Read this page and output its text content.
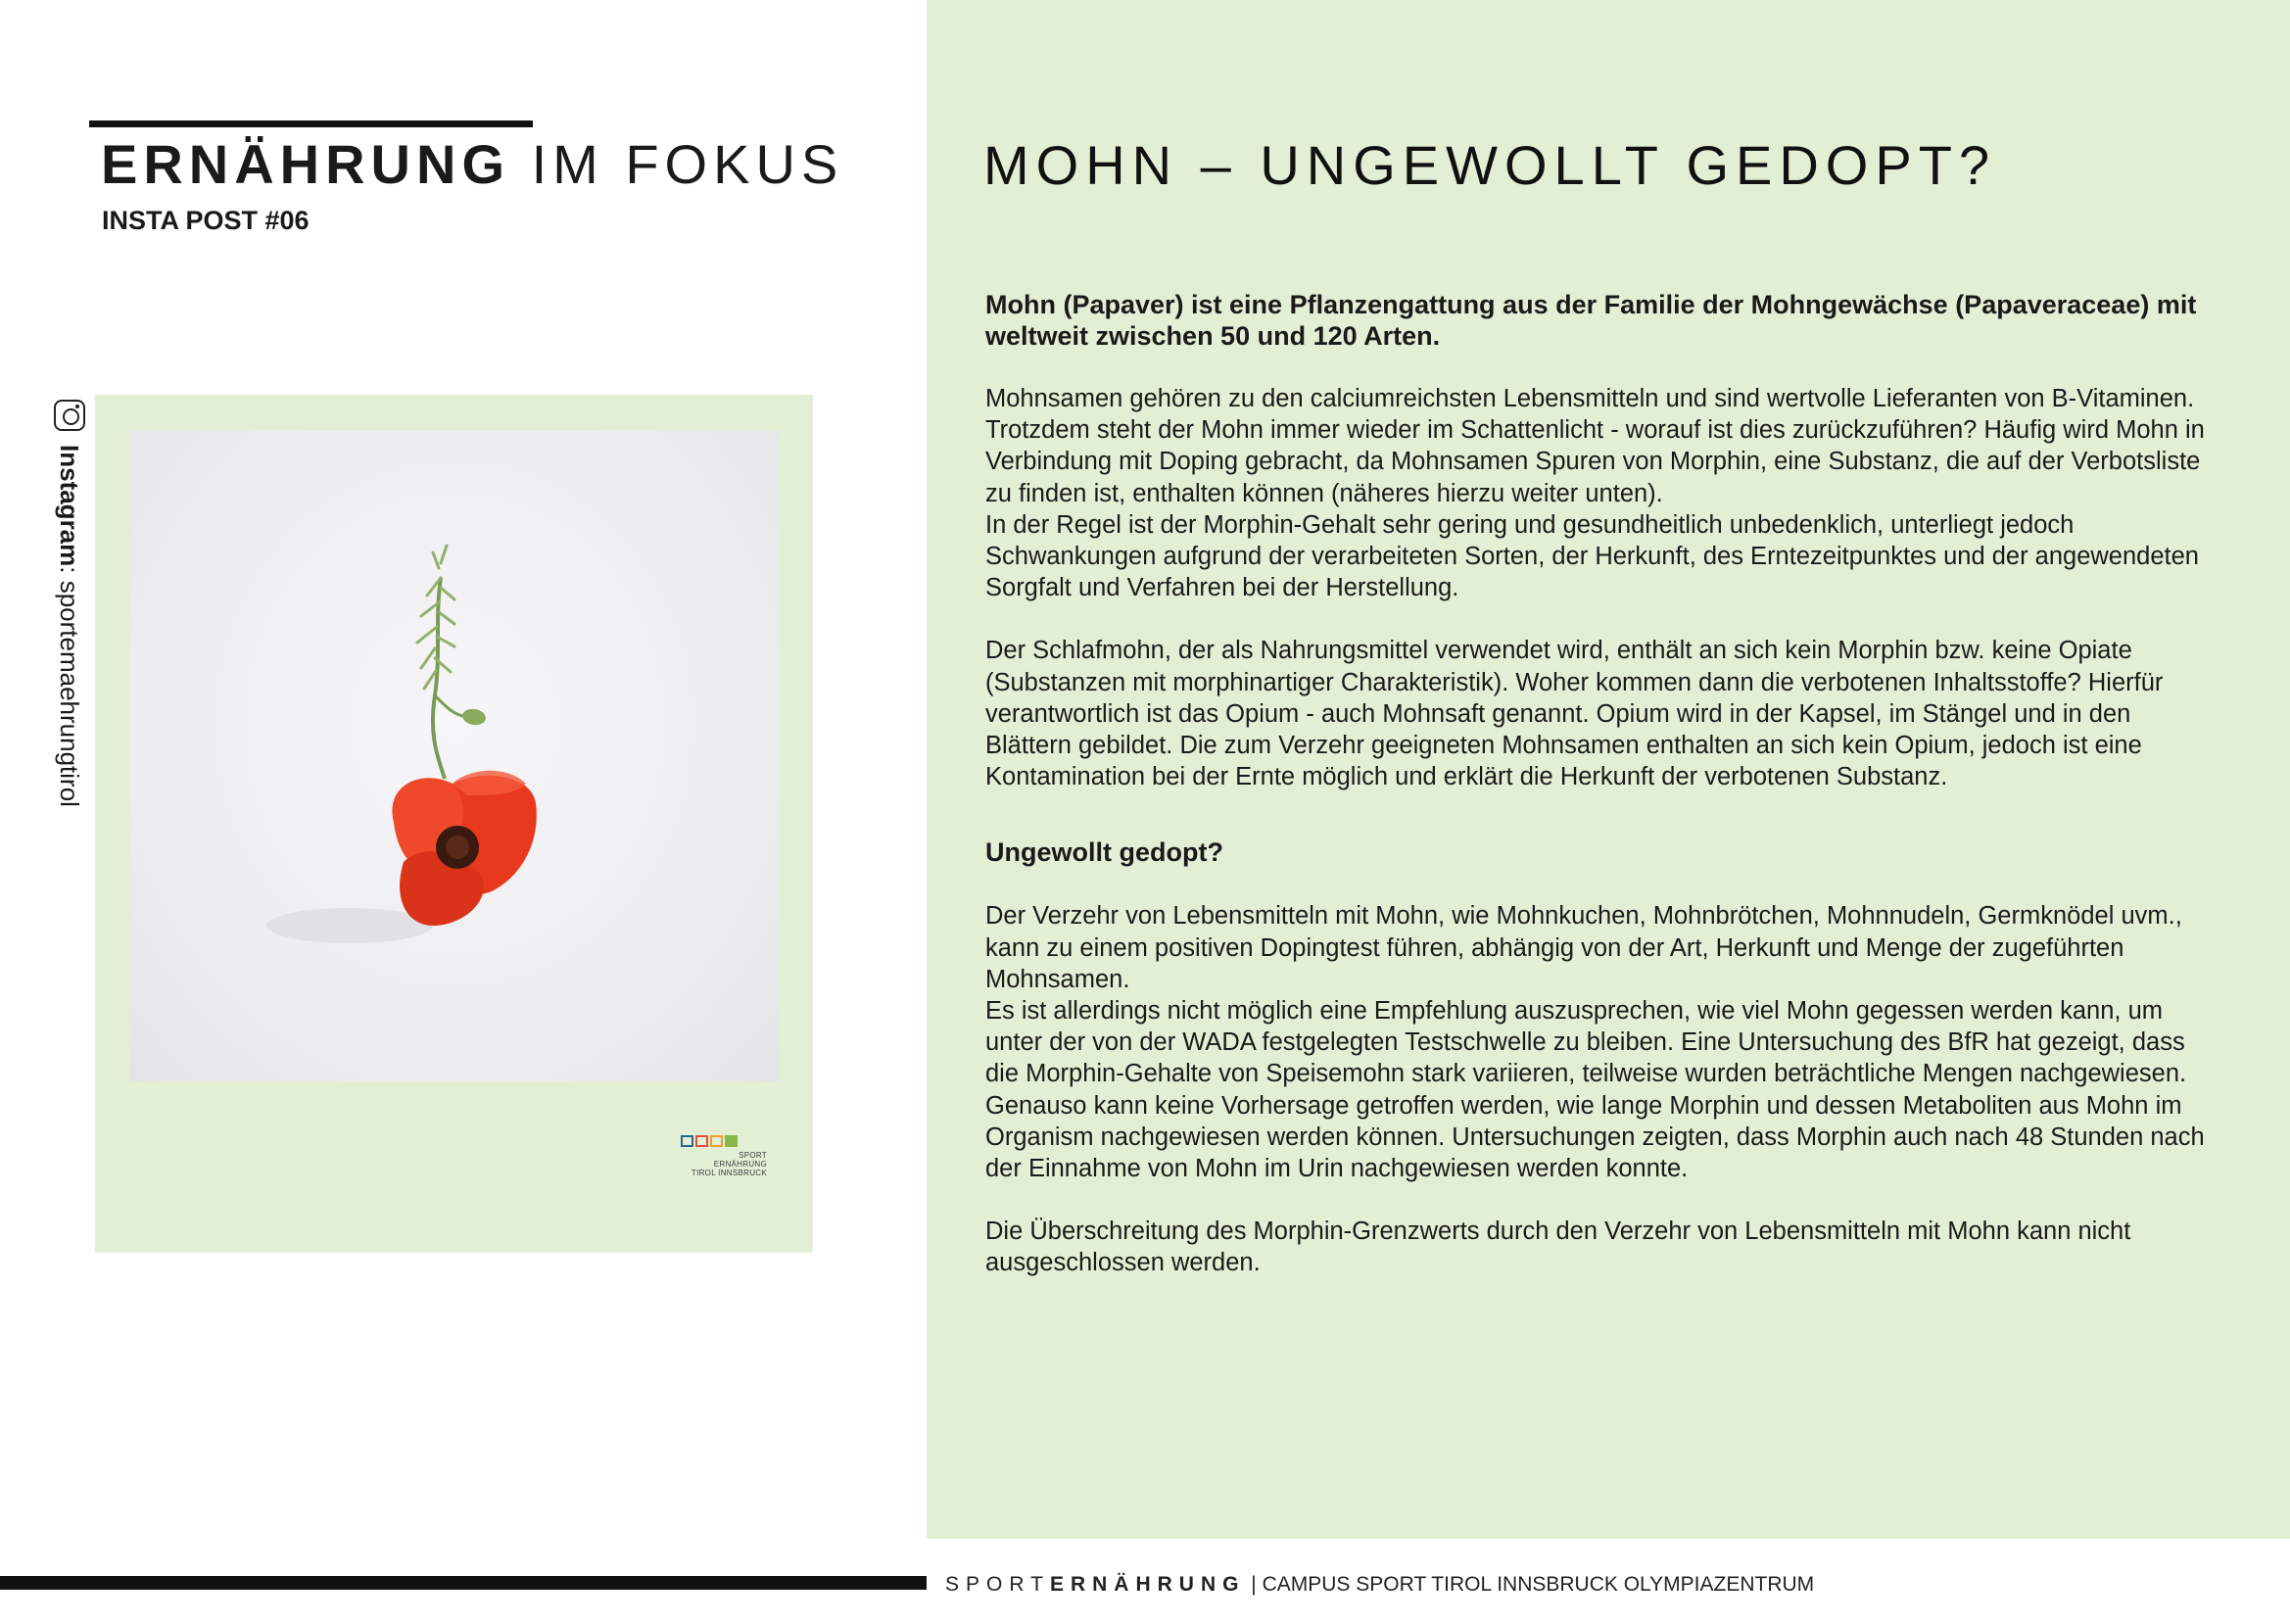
ERNÄHRUNG IM FOKUS
INSTA POST #06
Instagram: sportemaehrungtirol
SPORT
ERNÄHRUNG
TIROL INNSBRUCK
MOHN – UNGEWOLLT GEDOPT?

Mohn (Papaver) ist eine Pflanzengattung aus der Familie der Mohngewächse (Papaveraceae) mit weltweit zwischen 50 und 120 Arten.

Mohnsamen gehören zu den calciumreichsten Lebensmitteln und sind wertvolle Lieferanten von B-Vitaminen. Trotzdem steht der Mohn immer wieder im Schattenlicht - worauf ist dies zurückzuführen? Häufig wird Mohn in Verbindung mit Doping gebracht, da Mohnsamen Spuren von Morphin, eine Substanz, die auf der Verbotsliste zu finden ist, enthalten können (näheres hierzu weiter unten).

In der Regel ist der Morphin-Gehalt sehr gering und gesundheitlich unbedenklich, unterliegt jedoch Schwankungen aufgrund der verarbeiteten Sorten, der Herkunft, des Erntezeitpunktes und der angewendeten Sorgfalt und Verfahren bei der Herstellung.

Der Schlafmohn, der als Nahrungsmittel verwendet wird, enthält an sich kein Morphin bzw. keine Opiate (Substanzen mit morphinartiger Charakteristik). Woher kommen dann die verbotenen Inhaltsstoffe? Hierfür verantwortlich ist das Opium - auch Mohnsaft genannt. Opium wird in der Kapsel, im Stängel und in den Blättern gebildet. Die zum Verzehr geeigneten Mohnsamen enthalten an sich kein Opium, jedoch ist eine Kontamination bei der Ernte möglich und erklärt die Herkunft der verbotenen Substanz.

Ungewollt gedopt?

Der Verzehr von Lebensmitteln mit Mohn, wie Mohnkuchen, Mohnbrötchen, Mohnnudeln, Germknödel uvm., kann zu einem positiven Dopingtest führen, abhängig von der Art, Herkunft und Menge der zugeführten Mohnsamen.

Es ist allerdings nicht möglich eine Empfehlung auszusprechen, wie viel Mohn gegessen werden kann, um unter der von der WADA festgelegten Testschwelle zu bleiben. Eine Untersuchung des BfR hat gezeigt, dass die Morphin-Gehalte von Speisemohn stark variieren, teilweise wurden beträchtliche Mengen nachgewiesen. Genauso kann keine Vorhersage getroffen werden, wie lange Morphin und dessen Metaboliten aus Mohn im Organism nachgewiesen werden können. Untersuchungen zeigten, dass Morphin auch nach 48 Stunden nach der Einnahme von Mohn im Urin nachgewiesen werden konnte.

Die Überschreitung des Morphin-Grenzwerts durch den Verzehr von Lebensmitteln mit Mohn kann nicht ausgeschlossen werden.

SPORTERNÄHRUNG | CAMPUS SPORT TIROL INNSBRUCK OLYMPIAZENTRUM
